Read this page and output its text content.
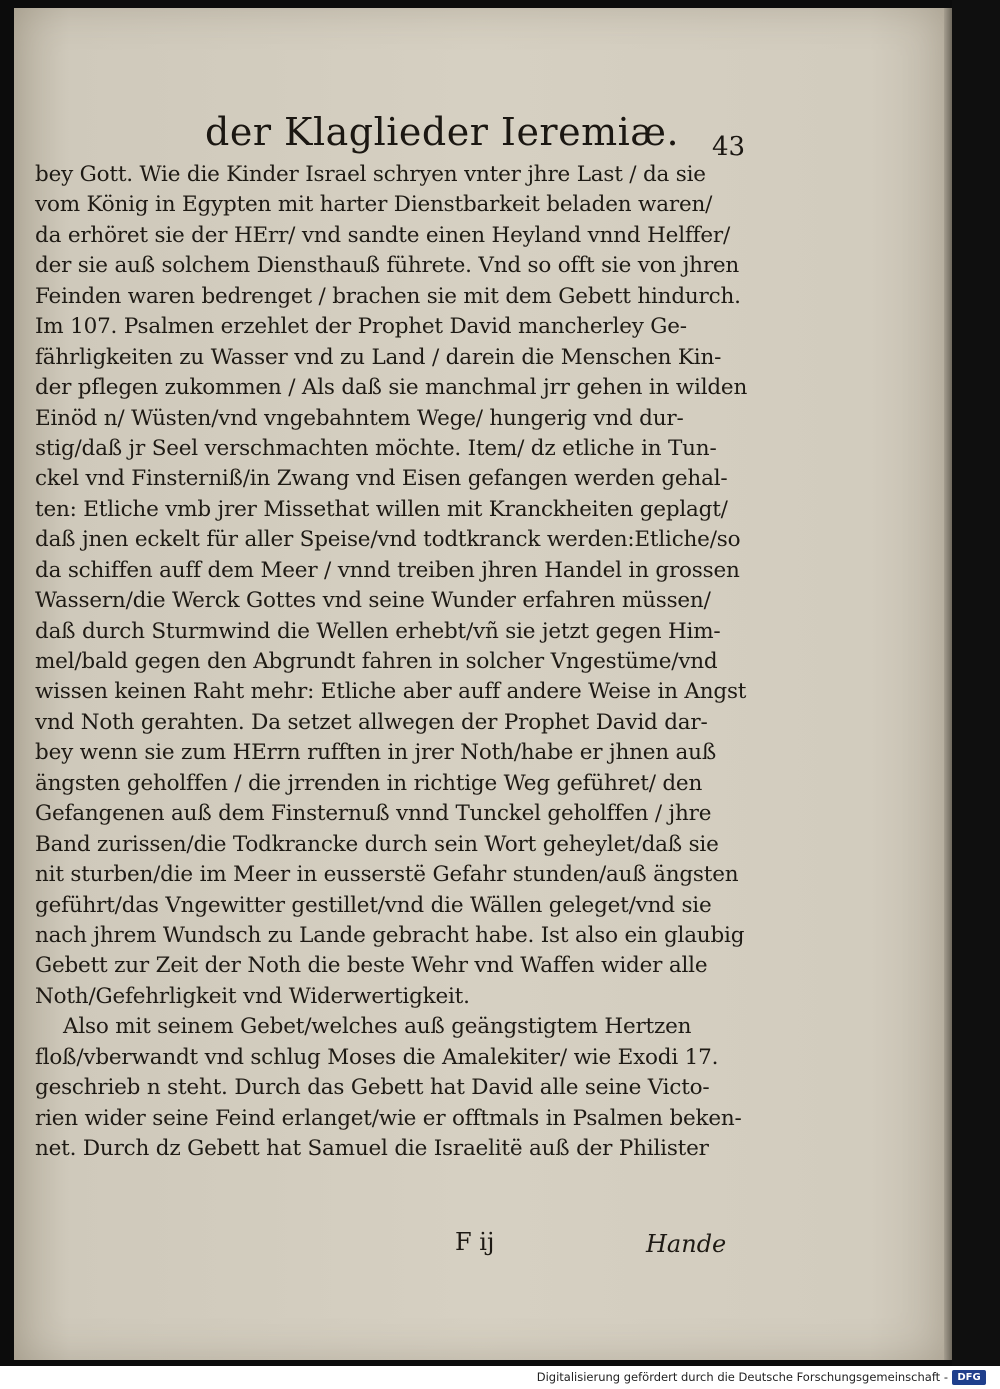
der Klaglieder Ieremiæ. 43
bey Gott. Wie die Kinder Israel schryen vnter jhre Last / da sie
vom König in Egypten mit harter Dienstbarkeit beladen waren/
da erhöret sie der HErr/ vnd sandte einen Heyland vnnd Helffer/
der sie auß solchem Diensthauß führete. Vnd so offt sie von jhren
Feinden waren bedrenget / brachen sie mit dem Gebett hindurch.
Im 107. Psalmen erzehlet der Prophet David mancherley Ge-
fährligkeiten zu Wasser vnd zu Land / darein die Menschen Kin-
der pflegen zukommen / Als daß sie manchmal jrr gehen in wilden
Einöd n/ Wüsten/vnd vngebahntem Wege/ hungerig vnd dur-
stig/daß jr Seel verschmachten möchte. Item/ dz etliche in Tun-
ckel vnd Finsterniß/in Zwang vnd Eisen gefangen werden gehal-
ten: Etliche vmb jrer Missethat willen mit Kranckheiten geplagt/
daß jnen eckelt für aller Speise/vnd todtkranck werden:Etliche/so
da schiffen auff dem Meer / vnnd treiben jhren Handel in grossen
Wassern/die Werck Gottes vnd seine Wunder erfahren müssen/
daß durch Sturmwind die Wellen erhebt/vñ sie jetzt gegen Him-
mel/bald gegen den Abgrundt fahren in solcher Vngestüme/vnd
wissen keinen Raht mehr: Etliche aber auff andere Weise in Angst
vnd Noth gerahten. Da setzet allwegen der Prophet David dar-
bey wenn sie zum HErrn rufften in jrer Noth/habe er jhnen auß
ängsten geholffen / die jrrenden in richtige Weg geführet/ den
Gefangenen auß dem Finsternuß vnnd Tunckel geholffen / jhre
Band zurissen/die Todkrancke durch sein Wort geheylet/daß sie
nit sturben/die im Meer in eusserstë Gefahr stunden/auß ängsten
geführt/das Vngewitter gestillet/vnd die Wällen geleget/vnd sie
nach jhrem Wundsch zu Lande gebracht habe. Ist also ein glaubig
Gebett zur Zeit der Noth die beste Wehr vnd Waffen wider alle
Noth/Gefehrligkeit vnd Widerwertigkeit.
Also mit seinem Gebet/welches auß geängstigtem Hertzen
floß/vberwandt vnd schlug Moses die Amalekiter/ wie Exodi 17.
geschrieb n steht. Durch das Gebett hat David alle seine Victo-
rien wider seine Feind erlanget/wie er offtmals in Psalmen beken-
net. Durch dz Gebett hat Samuel die Israelitë auß der Philister
F ij	Hande
Digitalisierung gefördert durch die Deutsche Forschungsgemeinschaft - DFG
